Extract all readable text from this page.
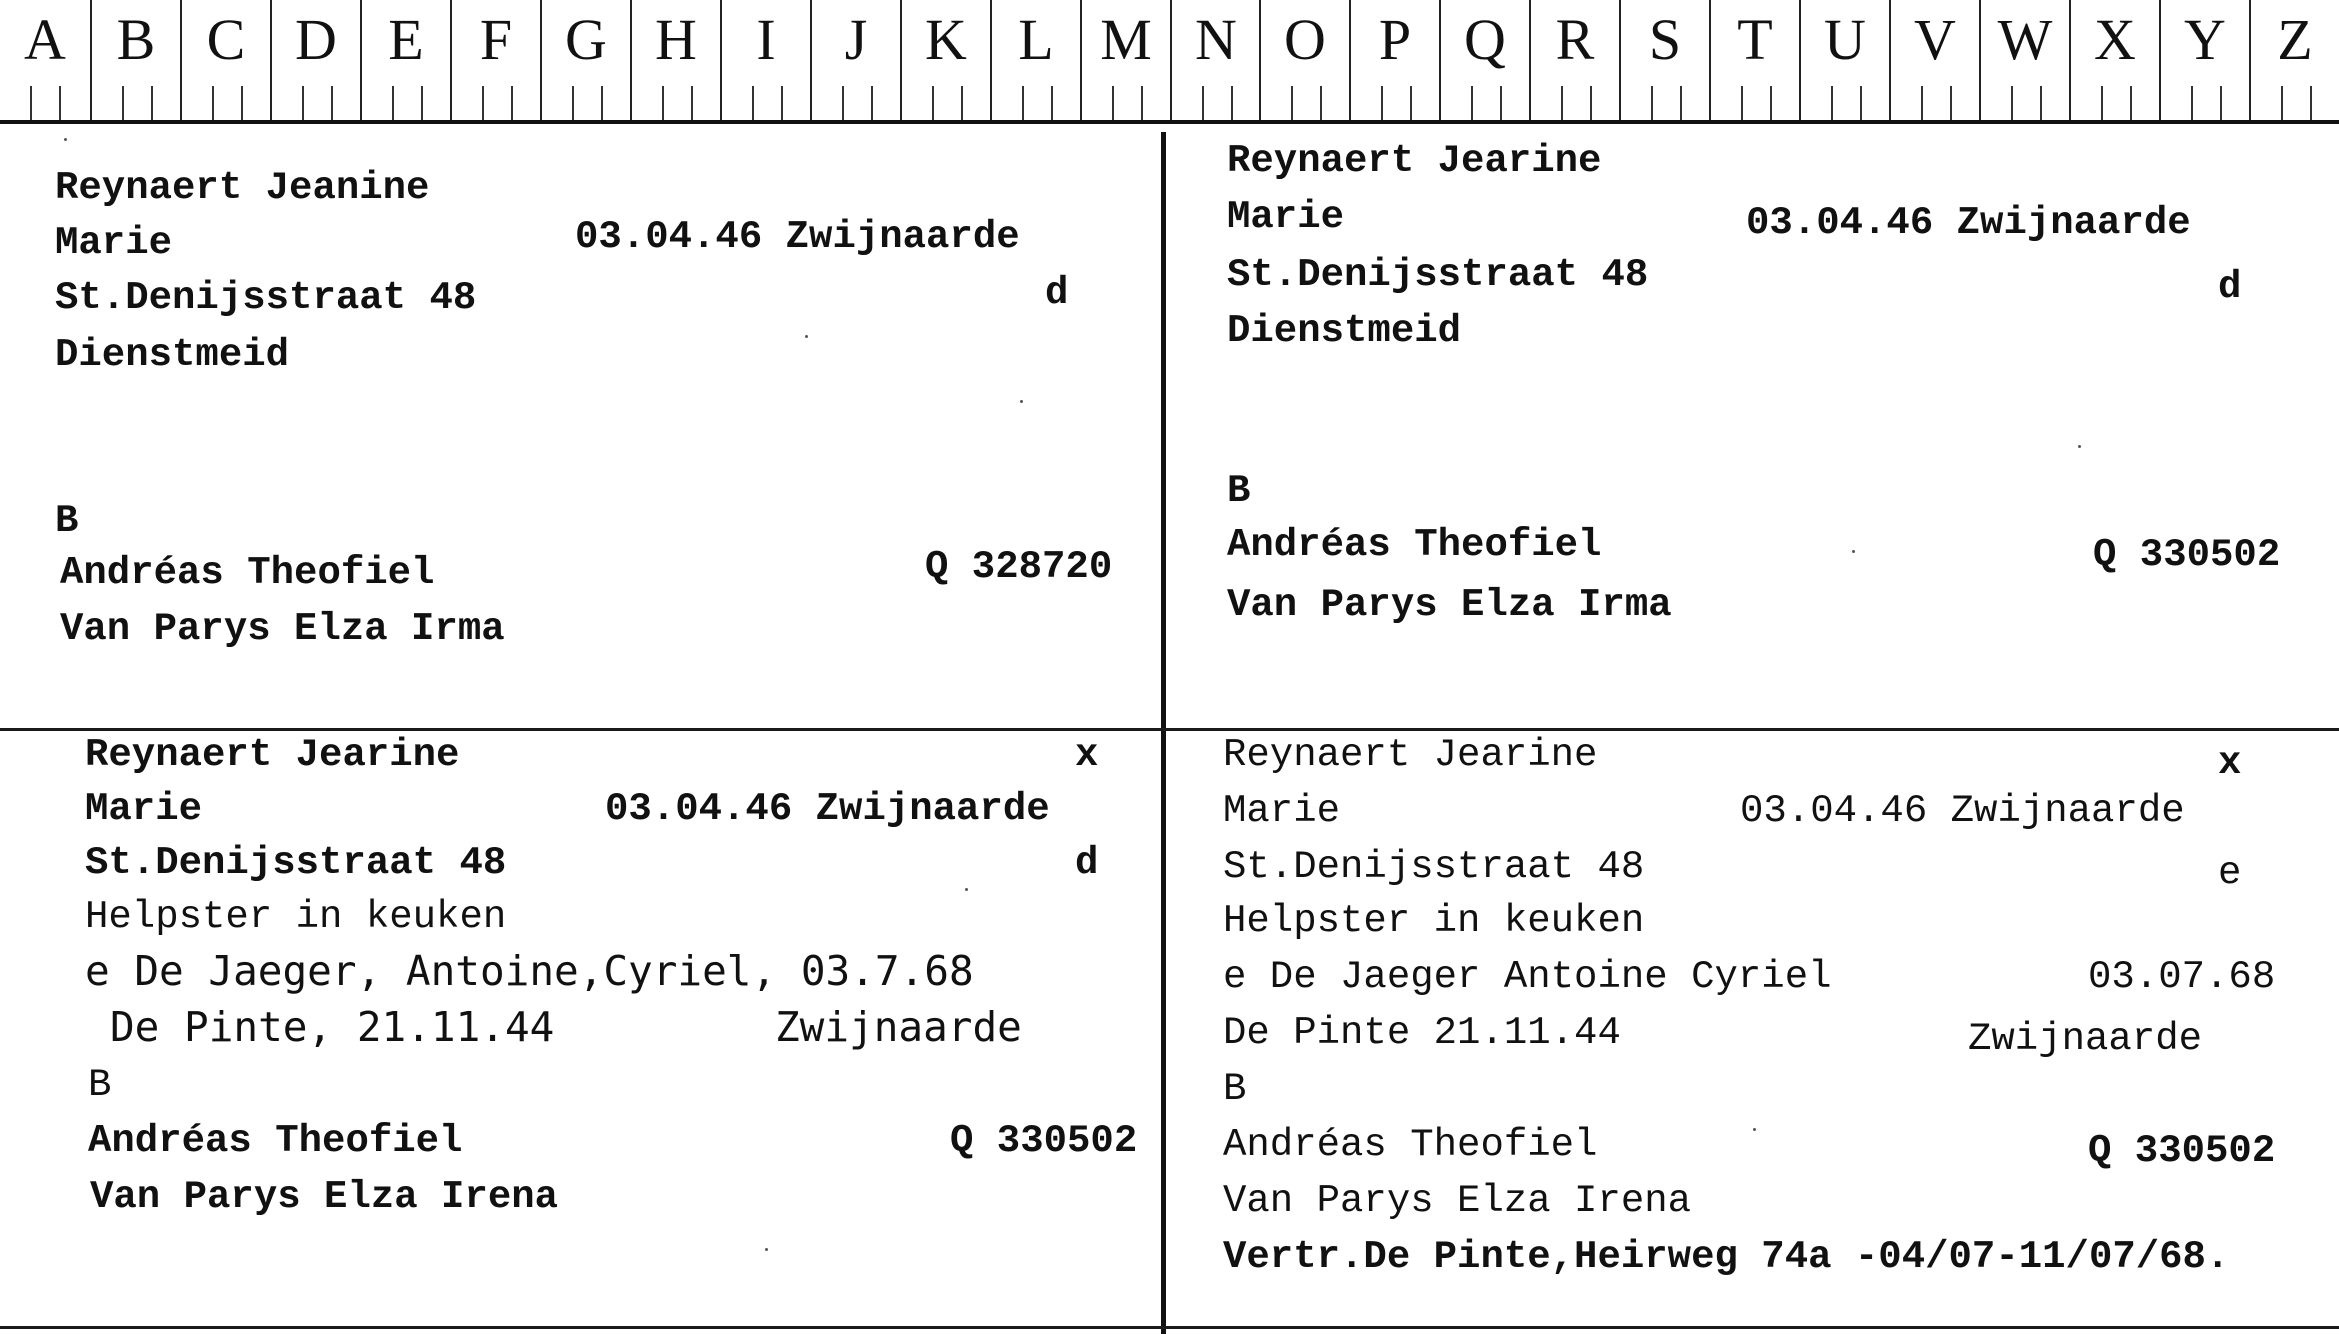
A B C D E F G H	I	J K L M N O P Q R S T U V W X Y Z
Reynaert Jeanine
Marie	03.04.46 Zwijnaarde
St.Denijsstraat 48	d
Dienstmeid
B
Andréas Theofiel	Q 328720
Van Parys Elza Irma
Reynaert Jearine
Marie	03.04.46 Zwijnaarde
St.Denijsstraat 48	d
Dienstmeid
B
Andréas Theofiel	Q 330502
Van Parys Elza Irma
Reynaert Jearine	x
Marie	03.04.46 Zwijnaarde
St.Denijsstraat 48	d
Helpster in keuken
e De Jaeger, Antoine,Cyriel, 03.7.68
De Pinte, 21.11.44	Zwijnaarde
B
Andréas Theofiel	Q 330502
Van Parys Elza Irena
Reynaert Jearine	x
Marie	03.04.46 Zwijnaarde
St.Denijsstraat 48	e
Helpster in keuken
e De Jaeger Antoine Cyriel	03.07.68
De Pinte 21.11.44	Zwijnaarde
B
Andréas Theofiel	Q 330502
Van Parys Elza Irena
Vertr.De Pinte,Heirweg 74a -04/07-11/07/68.
